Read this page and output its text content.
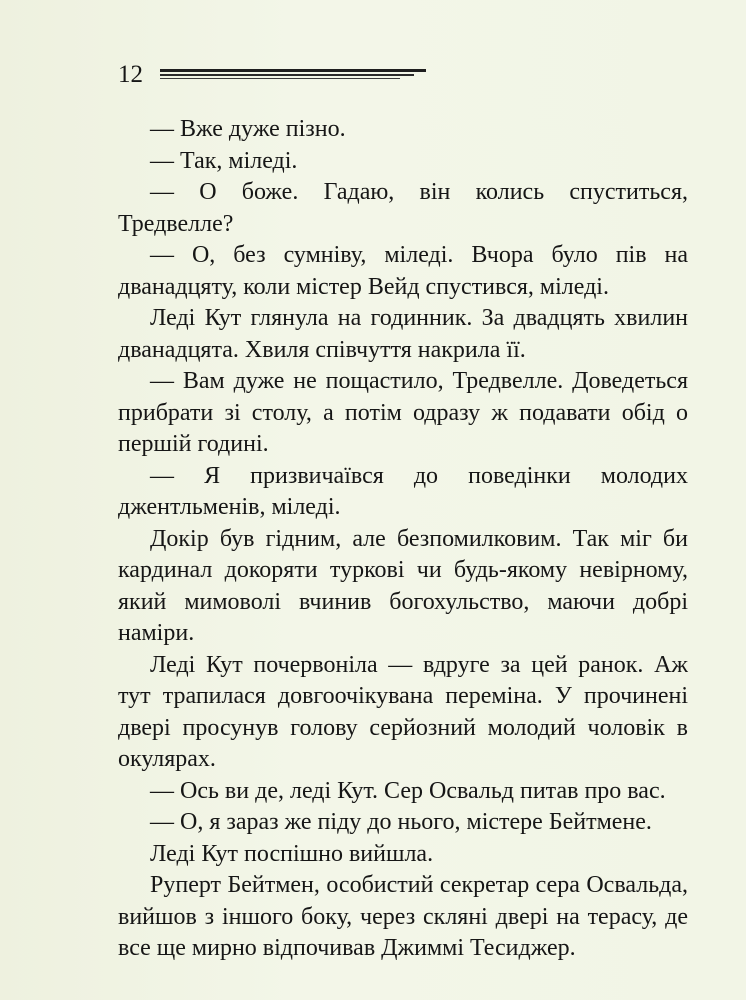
12

— Вже дуже пізно.

— Так, міледі.

— О боже. Гадаю, він колись спуститься, Тредвелле?

— О, без сумніву, міледі. Вчора було пів на дванадцяту, коли містер Вейд спустився, міледі.

Леді Кут глянула на годинник. За двадцять хвилин дванадцята. Хвиля співчуття накрила її.

— Вам дуже не пощастило, Тредвелле. Доведеться прибрати зі столу, а потім одразу ж подавати обід о першій годині.

— Я призвичаївся до поведінки молодих джентльменів, міледі.

Докір був гідним, але безпомилковим. Так міг би кардинал докоряти туркові чи будь-якому невірному, який мимоволі вчинив богохульство, маючи добрі наміри.

Леді Кут почервоніла — вдруге за цей ранок. Аж тут трапилася довгоочікувана переміна. У прочинені двері просунув голову серйозний молодий чоловік в окулярах.

— Ось ви де, леді Кут. Сер Освальд питав про вас.

— О, я зараз же піду до нього, містере Бейтмене.

Леді Кут поспішно вийшла.

Руперт Бейтмен, особистий секретар сера Освальда, вийшов з іншого боку, через скляні двері на терасу, де все ще мирно відпочивав Джиммі Тесиджер.
